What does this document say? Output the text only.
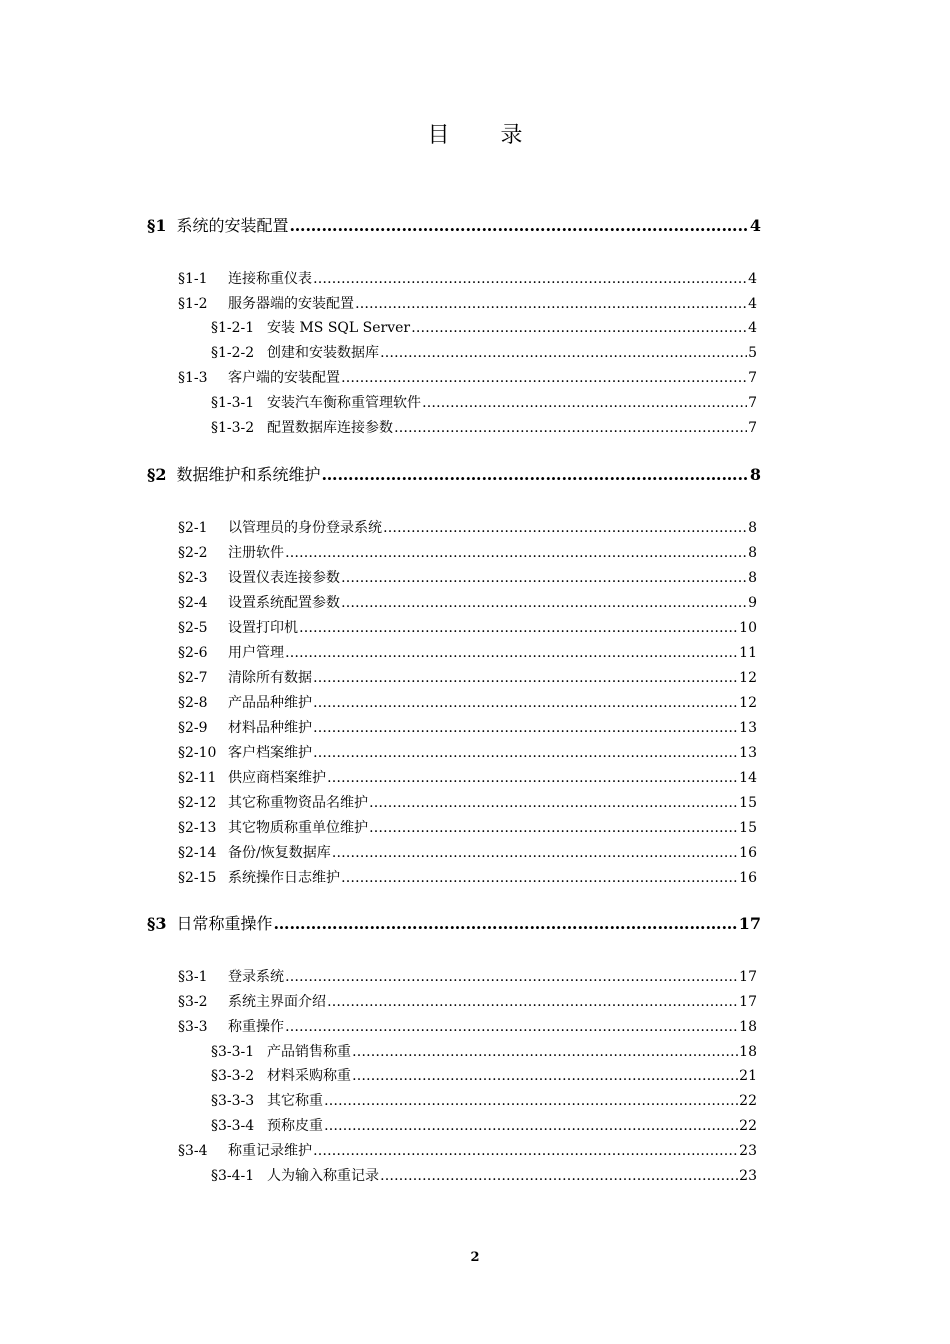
目 录
§1 系统的安装配置 ……………………………………………………………………………………………………………………………………………………………………………………	4
§1-1	连接称重仪表 ……………………………………………………………………………………………………………………………………………………………………………………	4
§1-2	服务器端的安装配置 ……………………………………………………………………………………………………………………………………………………………………………………	4
§1-2-1 安装 MS SQL Server ……………………………………………………………………………………………………………………………………………………………………………………	4
§1-2-2 创建和安装数据库 ……………………………………………………………………………………………………………………………………………………………………………………	5
§1-3	客户端的安装配置 ……………………………………………………………………………………………………………………………………………………………………………………	7
§1-3-1 安装汽车衡称重管理软件 ……………………………………………………………………………………………………………………………………………………………………………………	7
§1-3-2 配置数据库连接参数 ……………………………………………………………………………………………………………………………………………………………………………………	7
§2 数据维护和系统维护 ……………………………………………………………………………………………………………………………………………………………………………………	8
§2-1	以管理员的身份登录系统 ……………………………………………………………………………………………………………………………………………………………………………………	8
§2-2	注册软件 ……………………………………………………………………………………………………………………………………………………………………………………	8
§2-3	设置仪表连接参数 ……………………………………………………………………………………………………………………………………………………………………………………	8
§2-4	设置系统配置参数 ……………………………………………………………………………………………………………………………………………………………………………………	9
§2-5	设置打印机 ……………………………………………………………………………………………………………………………………………………………………………………	10
§2-6	用户管理 ……………………………………………………………………………………………………………………………………………………………………………………	11
§2-7	清除所有数据 ……………………………………………………………………………………………………………………………………………………………………………………	12
§2-8	产品品种维护 ……………………………………………………………………………………………………………………………………………………………………………………	12
§2-9	材料品种维护 ……………………………………………………………………………………………………………………………………………………………………………………	13
§2-10 客户档案维护 ……………………………………………………………………………………………………………………………………………………………………………………	13
§2-11 供应商档案维护 ……………………………………………………………………………………………………………………………………………………………………………………	14
§2-12 其它称重物资品名维护 ……………………………………………………………………………………………………………………………………………………………………………………	15
§2-13 其它物质称重单位维护 ……………………………………………………………………………………………………………………………………………………………………………………	15
§2-14 备份/恢复数据库 ……………………………………………………………………………………………………………………………………………………………………………………	16
§2-15 系统操作日志维护 ……………………………………………………………………………………………………………………………………………………………………………………	16
§3 日常称重操作 ……………………………………………………………………………………………………………………………………………………………………………………	17
§3-1	登录系统 ……………………………………………………………………………………………………………………………………………………………………………………	17
§3-2	系统主界面介绍 ……………………………………………………………………………………………………………………………………………………………………………………	17
§3-3	称重操作 ……………………………………………………………………………………………………………………………………………………………………………………	18
§3-3-1 产品销售称重 ……………………………………………………………………………………………………………………………………………………………………………………	18
§3-3-2 材料采购称重 ……………………………………………………………………………………………………………………………………………………………………………………	21
§3-3-3 其它称重 ……………………………………………………………………………………………………………………………………………………………………………………	22
§3-3-4 预称皮重 ……………………………………………………………………………………………………………………………………………………………………………………	22
§3-4	称重记录维护 ……………………………………………………………………………………………………………………………………………………………………………………	23
§3-4-1 人为输入称重记录 ……………………………………………………………………………………………………………………………………………………………………………………	23
2
